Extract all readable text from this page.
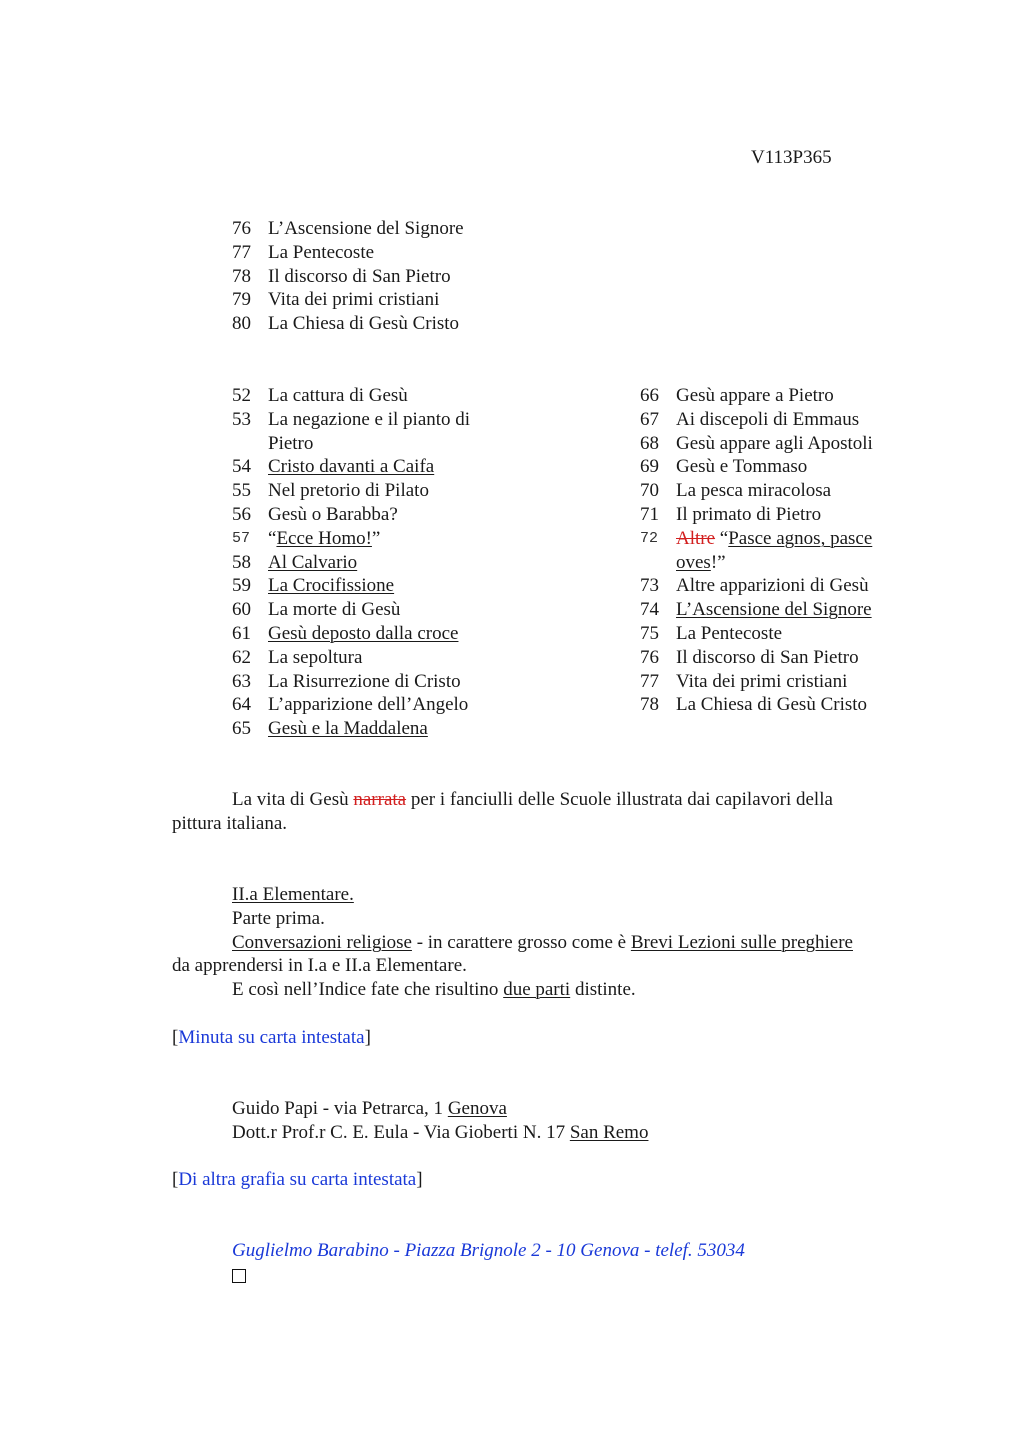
V113P365
76 L’Ascensione del Signore
77 La Pentecoste
78 Il discorso di San Pietro
79 Vita dei primi cristiani
80 La Chiesa di Gesù Cristo
52 La cattura di Gesù
53 La negazione e il pianto di
Pietro
54 Cristo davanti a Caifa
55 Nel pretorio di Pilato
56 Gesù o Barabba?
57 “Ecce Homo!”
58 Al Calvario
59 La Crocifissione
60 La morte di Gesù
61 Gesù deposto dalla croce
62 La sepoltura
63 La Risurrezione di Cristo
64 L’apparizione dell’Angelo
65 Gesù e la Maddalena
66 Gesù appare a Pietro
67 Ai discepoli di Emmaus
68 Gesù appare agli Apostoli
69 Gesù e Tommaso
70 La pesca miracolosa
71 Il primato di Pietro
72 Altre “Pasce agnos, pasce
oves!”
73 Altre apparizioni di Gesù
74 L’Ascensione del Signore
75 La Pentecoste
76 Il discorso di San Pietro
77 Vita dei primi cristiani
78 La Chiesa di Gesù Cristo
La vita di Gesù narrata per i fanciulli delle Scuole illustrata dai capilavori della
pittura italiana.
II.a Elementare.
Parte prima.
Conversazioni religiose - in carattere grosso come è Brevi Lezioni sulle preghiere
da apprendersi in I.a e II.a Elementare.
E così nell’Indice fate che risultino due parti distinte.
[Minuta su carta intestata]
Guido Papi - via Petrarca, 1 Genova
Dott.r Prof.r C. E. Eula - Via Gioberti N. 17 San Remo
[Di altra grafia su carta intestata]
Guglielmo Barabino - Piazza Brignole 2 - 10 Genova - telef. 53034
